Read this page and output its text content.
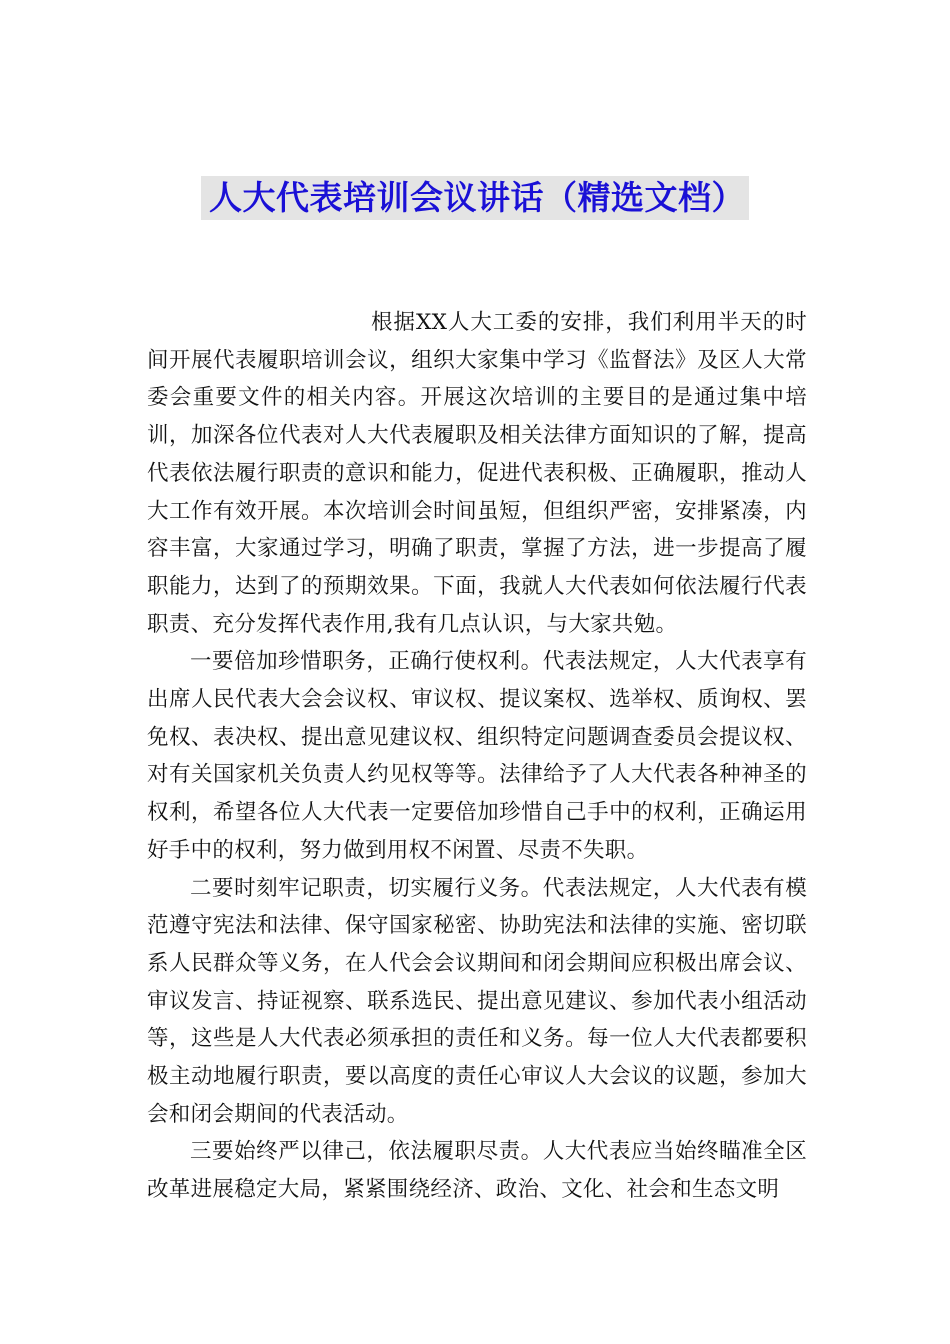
人大代表培训会议讲话（精选文档）

根据XX人大工委的安排，我们利用半天的时间开展代表履职培训会议，组织大家集中学习《监督法》及区人大常委会重要文件的相关内容。开展这次培训的主要目的是通过集中培训，加深各位代表对人大代表履职及相关法律方面知识的了解，提高代表依法履行职责的意识和能力，促进代表积极、正确履职，推动人大工作有效开展。本次培训会时间虽短，但组织严密，安排紧凑，内容丰富，大家通过学习，明确了职责，掌握了方法，进一步提高了履职能力，达到了的预期效果。下面，我就人大代表如何依法履行代表职责、充分发挥代表作用,我有几点认识，与大家共勉。

一要倍加珍惜职务，正确行使权利。代表法规定，人大代表享有出席人民代表大会会议权、审议权、提议案权、选举权、质询权、罢免权、表决权、提出意见建议权、组织特定问题调查委员会提议权、对有关国家机关负责人约见权等等。法律给予了人大代表各种神圣的权利，希望各位人大代表一定要倍加珍惜自己手中的权利，正确运用好手中的权利，努力做到用权不闲置、尽责不失职。

二要时刻牢记职责，切实履行义务。代表法规定，人大代表有模范遵守宪法和法律、保守国家秘密、协助宪法和法律的实施、密切联系人民群众等义务，在人代会会议期间和闭会期间应积极出席会议、审议发言、持证视察、联系选民、提出意见建议、参加代表小组活动等，这些是人大代表必须承担的责任和义务。每一位人大代表都要积极主动地履行职责，要以高度的责任心审议人大会议的议题，参加大会和闭会期间的代表活动。

三要始终严以律己，依法履职尽责。人大代表应当始终瞄准全区改革进展稳定大局，紧紧围绕经济、政治、文化、社会和生态文明
